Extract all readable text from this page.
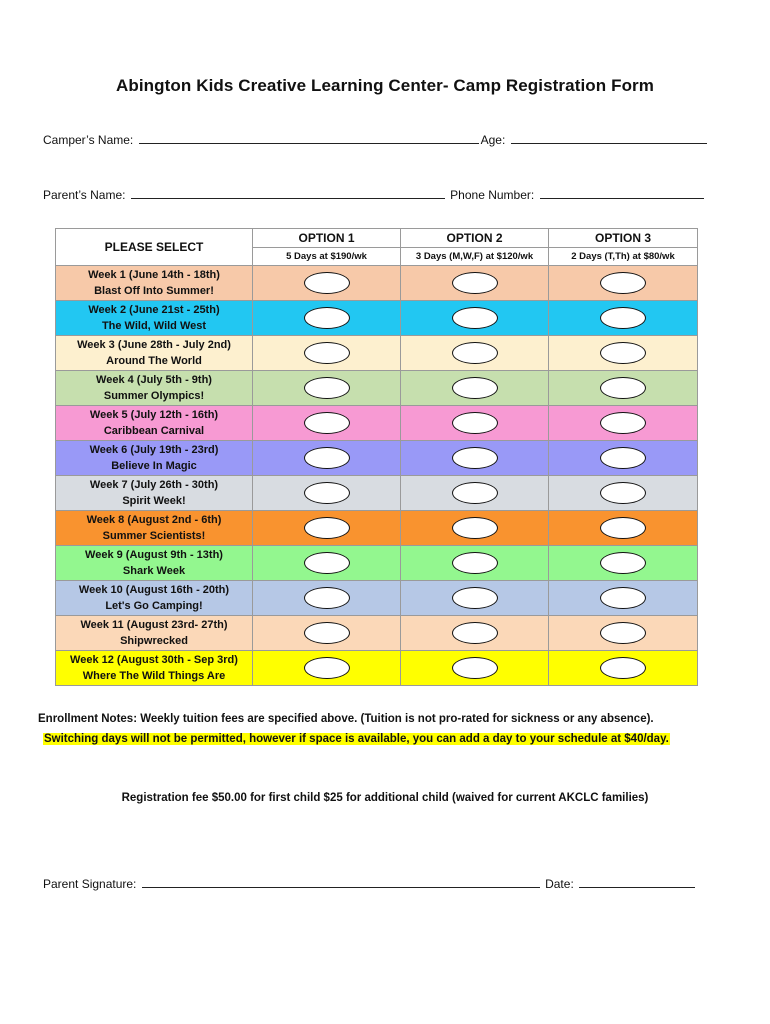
Abington Kids Creative Learning Center- Camp Registration Form
Camper’s Name:	Age:
Parent’s Name:	Phone Number:
PLEASE SELECT	OPTION 1	OPTION 2	OPTION 3
	5 Days at $190/wk	3 Days (M,W,F) at $120/wk	2 Days (T,Th) at $80/wk

Week 1 (June 14th - 18th)
Blast Off Into Summer!			

Week 2 (June 21st - 25th)
The Wild, Wild West			

Week 3 (June 28th - July 2nd)
Around The World			

Week 4 (July 5th - 9th)
Summer Olympics!			

Week 5 (July 12th - 16th)
Caribbean Carnival			

Week 6 (July 19th - 23rd)
Believe In Magic			

Week 7 (July 26th - 30th)
Spirit Week!			

Week 8 (August 2nd - 6th)
Summer Scientists!			

Week 9 (August 9th - 13th)
Shark Week			

Week 10 (August 16th - 20th)
Let's Go Camping!			

Week 11 (August 23rd- 27th)
Shipwrecked			

Week 12 (August 30th - Sep 3rd)
Where The Wild Things Are			

Enrollment Notes: Weekly tuition fees are specified above. (Tuition is not pro-rated for sickness or any absence).
Switching days will not be permitted, however if space is available, you can add a day to your schedule at $40/day.
Registration fee $50.00 for first child $25 for additional child (waived for current AKCLC families)
Parent Signature:	Date:
